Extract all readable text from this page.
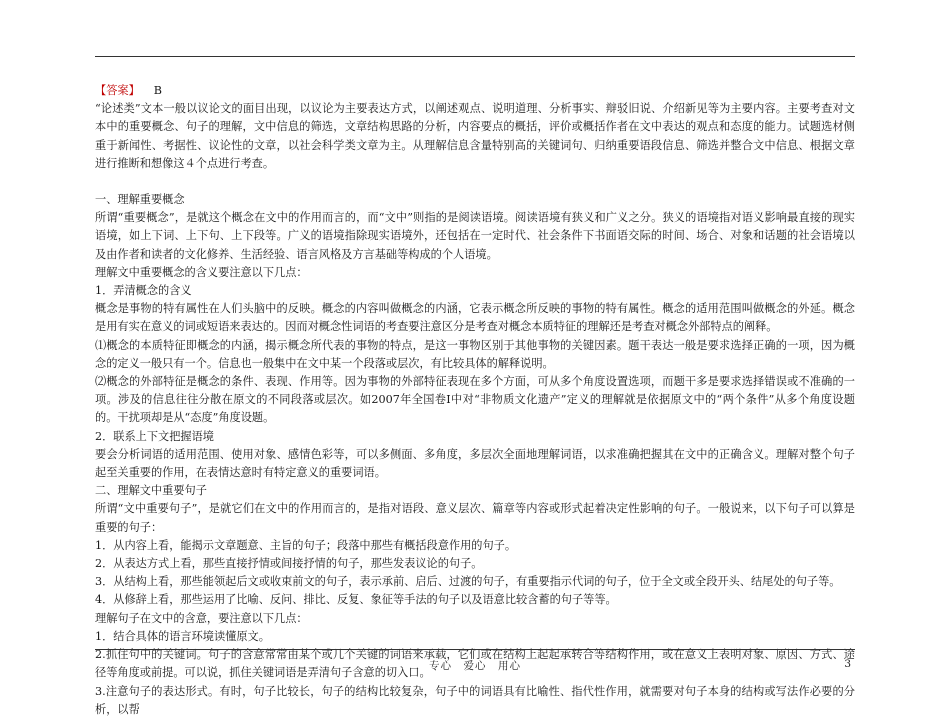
【答案】 B

“论述类”文本一般以议论文的面目出现，以议论为主要表达方式，以阐述观点、说明道理、分析事实、辩驳旧说、介绍新见等为主要内容。主要考查对文本中的重要概念、句子的理解，文中信息的筛选，文章结构思路的分析，内容要点的概括，评价或概括作者在文中表达的观点和态度的能力。试题选材侧重于新闻性、考据性、议论性的文章，以社会科学类文章为主。从理解信息含量特别高的关键词句、归纳重要语段信息、筛选并整合文中信息、根据文章进行推断和想像这４个点进行考查。

一、理解重要概念

所谓“重要概念”，是就这个概念在文中的作用而言的，而“文中”则指的是阅读语境。阅读语境有狭义和广义之分。狭义的语境指对语义影响最直接的现实语境，如上下词、上下句、上下段等。广义的语境指除现实语境外，还包括在一定时代、社会条件下书面语交际的时间、场合、对象和话题的社会语境以及由作者和读者的文化修养、生活经验、语言风格及方言基础等构成的个人语境。

理解文中重要概念的含义要注意以下几点：

1．弄清概念的含义

概念是事物的特有属性在人们头脑中的反映。概念的内容叫做概念的内涵，它表示概念所反映的事物的特有属性。概念的适用范围叫做概念的外延。概念是用有实在意义的词或短语来表达的。因而对概念性词语的考查要注意区分是考查对概念本质特征的理解还是考查对概念外部特点的阐释。

⑴概念的本质特征即概念的内涵，揭示概念所代表的事物的特点，是这一事物区别于其他事物的关键因素。题干表达一般是要求选择正确的一项，因为概念的定义一般只有一个。信息也一般集中在文中某一个段落或层次，有比较具体的解释说明。

⑵概念的外部特征是概念的条件、表现、作用等。因为事物的外部特征表现在多个方面，可从多个角度设置选项，而题干多是要求选择错误或不准确的一项。涉及的信息往往分散在原文的不同段落或层次。如2007年全国卷Ⅰ中对“非物质文化遗产”定义的理解就是依据原文中的“两个条件”从多个角度设题的。干扰项却是从“态度”角度设题。

2．联系上下文把握语境

要会分析词语的适用范围、使用对象、感情色彩等，可以多侧面、多角度，多层次全面地理解词语，以求准确把握其在文中的正确含义。理解对整个句子起至关重要的作用，在表情达意时有特定意义的重要词语。

二、理解文中重要句子

所谓“文中重要句子”，是就它们在文中的作用而言的，是指对语段、意义层次、篇章等内容或形式起着决定性影响的句子。一般说来，以下句子可以算是重要的句子：

1．从内容上看，能揭示文章题意、主旨的句子；段落中那些有概括段意作用的句子。

2．从表达方式上看，那些直接抒情或间接抒情的句子，那些发表议论的句子。

3．从结构上看，那些能领起后文或收束前文的句子，表示承前、启后、过渡的句子，有重要指示代词的句子，位于全文或全段开头、结尾处的句子等。

4．从修辞上看，那些运用了比喻、反问、排比、反复、象征等手法的句子以及语意比较含蓄的句子等等。

理解句子在文中的含意，要注意以下几点：

1．结合具体的语言环境读懂原文。

2.抓住句中的关键词。句子的含意常常由某个或几个关键的词语来承载，它们或在结构上起起承转合等结构作用，或在意义上表明对象、原因、方式、途径等角度或前提。可以说，抓住关键词语是弄清句子含意的切入口。

3.注意句子的表达形式。有时，句子比较长，句子的结构比较复杂，句子中的词语具有比喻性、指代性作用，就需要对句子本身的结构或写法作必要的分析，以帮

专心　爱心　用心	3
